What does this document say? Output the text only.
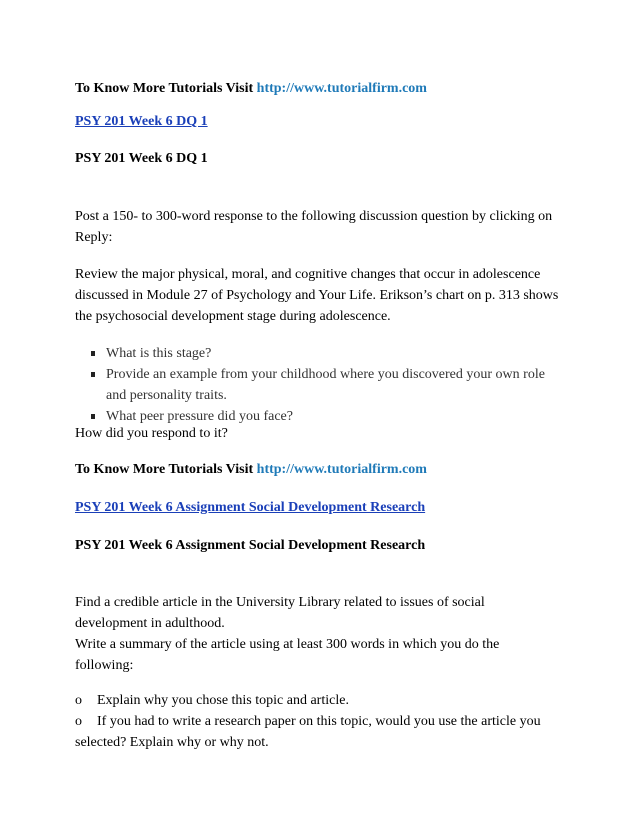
To Know More Tutorials Visit http://www.tutorialfirm.com
PSY 201 Week 6 DQ 1
PSY 201 Week 6 DQ 1
Post a 150- to 300-word response to the following discussion question by clicking on Reply:
Review the major physical, moral, and cognitive changes that occur in adolescence discussed in Module 27 of Psychology and Your Life. Erikson’s chart on p. 313 shows the psychosocial development stage during adolescence.
What is this stage?
Provide an example from your childhood where you discovered your own role and personality traits.
What peer pressure did you face?
How did you respond to it?
To Know More Tutorials Visit http://www.tutorialfirm.com
PSY 201 Week 6 Assignment Social Development Research
PSY 201 Week 6 Assignment Social Development Research
Find a credible article in the University Library related to issues of social development in adulthood.
Write a summary of the article using at least 300 words in which you do the following:
o Explain why you chose this topic and article.
o If you had to write a research paper on this topic, would you use the article you selected? Explain why or why not.
